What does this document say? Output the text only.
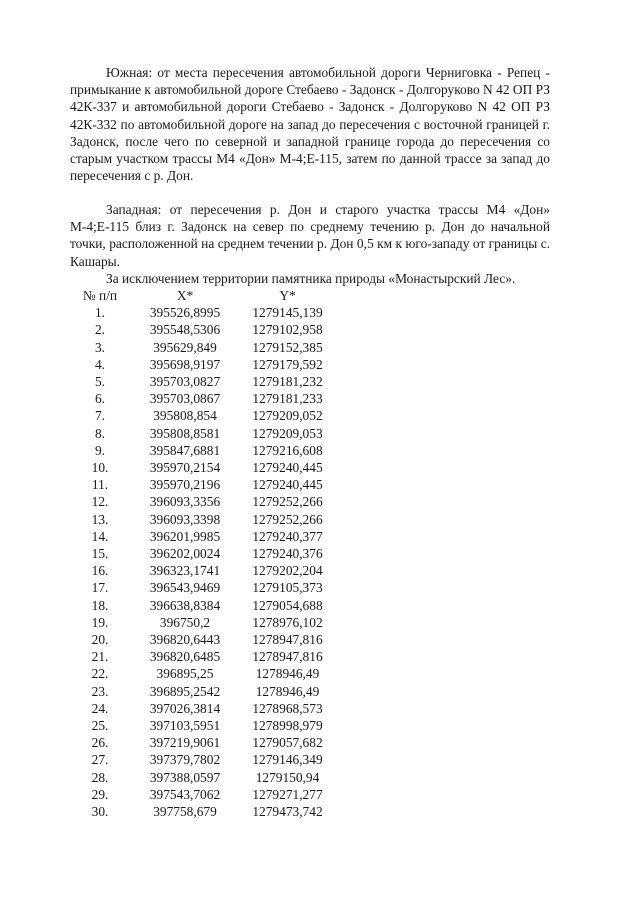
Южная: от места пересечения автомобильной дороги Черниговка - Репец - примыкание к автомобильной дороге Стебаево - Задонск - Долгоруково N 42 ОП РЗ 42К-337 и автомобильной дороги Стебаево - Задонск - Долгоруково N 42 ОП РЗ 42К-332 по автомобильной дороге на запад до пересечения с восточной границей г. Задонск, после чего по северной и западной границе города до пересечения со старым участком трассы М4 «Дон» М-4;Е-115, затем по данной трассе за запад до пересечения с р. Дон.

Западная: от пересечения р. Дон и старого участка трассы М4 «Дон» М-4;Е-115 близ г. Задонск на север по среднему течению р. Дон до начальной точки, расположенной на среднем течении р. Дон 0,5 км к юго-западу от границы с. Кашары.

За исключением территории памятника природы «Монастырский Лес».

№ п/п	X*	Y*
1.	395526,8995	1279145,139
2.	395548,5306	1279102,958
3.	395629,849	1279152,385
4.	395698,9197	1279179,592
5.	395703,0827	1279181,232
6.	395703,0867	1279181,233
7.	395808,854	1279209,052
8.	395808,8581	1279209,053
9.	395847,6881	1279216,608
10.	395970,2154	1279240,445
11.	395970,2196	1279240,445
12.	396093,3356	1279252,266
13.	396093,3398	1279252,266
14.	396201,9985	1279240,377
15.	396202,0024	1279240,376
16.	396323,1741	1279202,204
17.	396543,9469	1279105,373
18.	396638,8384	1279054,688
19.	396750,2	1278976,102
20.	396820,6443	1278947,816
21.	396820,6485	1278947,816
22.	396895,25	1278946,49
23.	396895,2542	1278946,49
24.	397026,3814	1278968,573
25.	397103,5951	1278998,979
26.	397219,9061	1279057,682
27.	397379,7802	1279146,349
28.	397388,0597	1279150,94
29.	397543,7062	1279271,277
30.	397758,679	1279473,742
